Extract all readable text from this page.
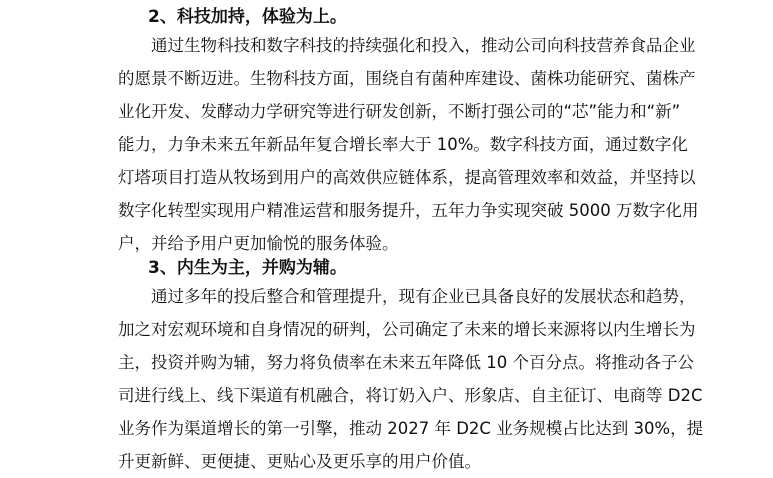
2、科技加持，体验为上。

通过生物科技和数字科技的持续强化和投入，推动公司向科技营养食品企业
的愿景不断迈进。生物科技方面，围绕自有菌种库建设、菌株功能研究、菌株产
业化开发、发酵动力学研究等进行研发创新，不断打强公司的“芯”能力和“新”
能力，力争未来五年新品年复合增长率大于 10%。数字科技方面，通过数字化
灯塔项目打造从牧场到用户的高效供应链体系，提高管理效率和效益，并坚持以
数字化转型实现用户精准运营和服务提升，五年力争实现突破 5000 万数字化用
户，并给予用户更加愉悦的服务体验。

3、内生为主，并购为辅。

通过多年的投后整合和管理提升，现有企业已具备良好的发展状态和趋势，
加之对宏观环境和自身情况的研判，公司确定了未来的增长来源将以内生增长为
主，投资并购为辅，努力将负债率在未来五年降低 10 个百分点。将推动各子公
司进行线上、线下渠道有机融合，将订奶入户、形象店、自主征订、电商等 D2C
业务作为渠道增长的第一引擎，推动 2027 年 D2C 业务规模占比达到 30%，提
升更新鲜、更便捷、更贴心及更乐享的用户价值。
